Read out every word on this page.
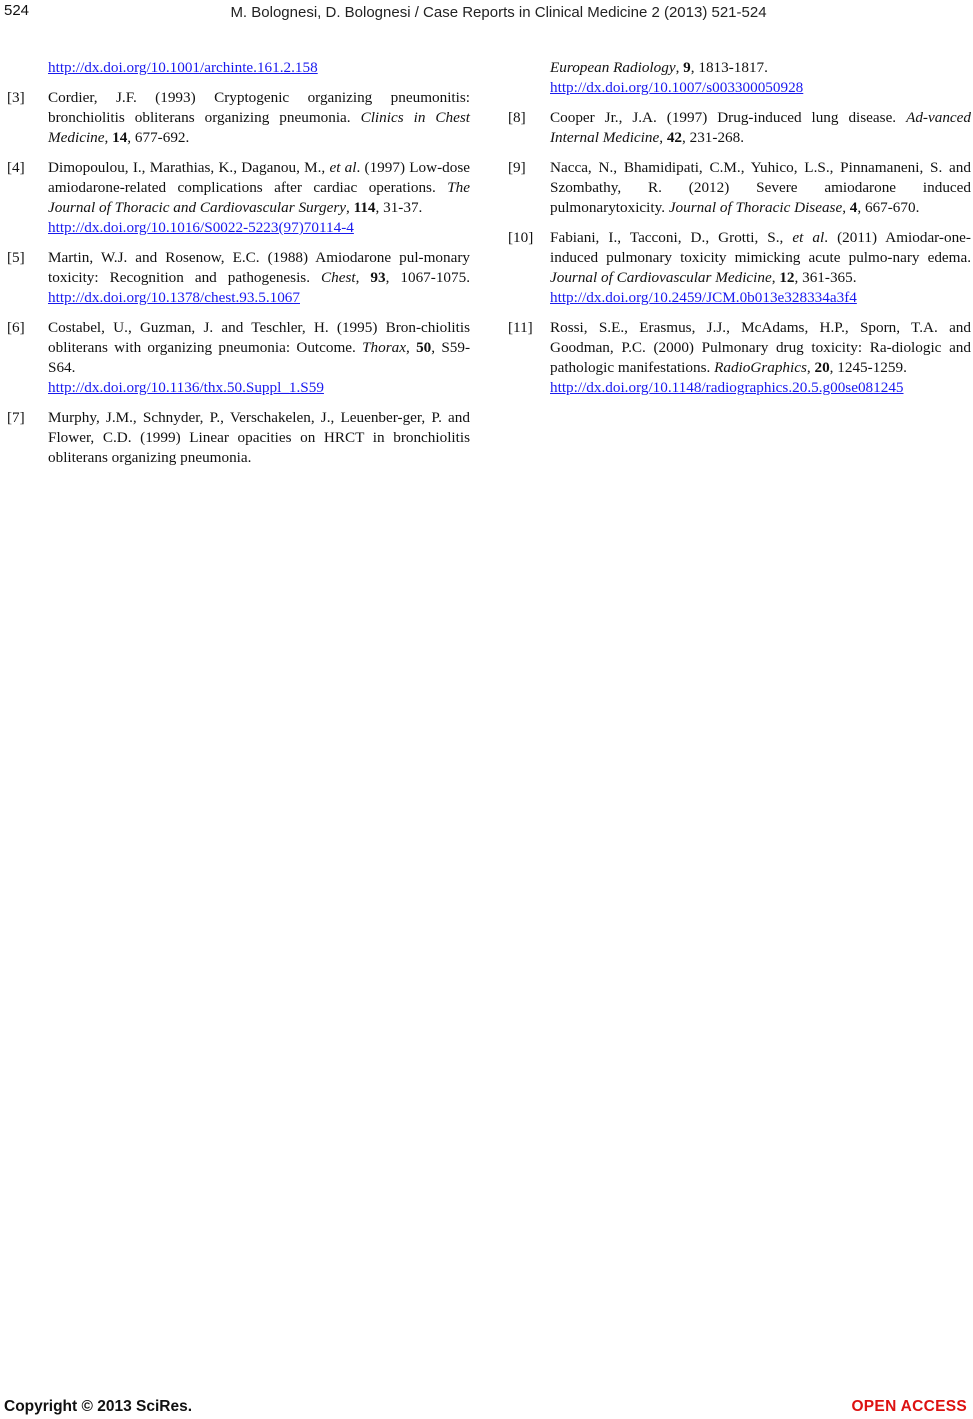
524	M. Bolognesi, D. Bolognesi / Case Reports in Clinical Medicine 2 (2013) 521-524
http://dx.doi.org/10.1001/archinte.161.2.158
[3] Cordier, J.F. (1993) Cryptogenic organizing pneumonitis: bronchiolitis obliterans organizing pneumonia. Clinics in Chest Medicine, 14, 677-692.
[4] Dimopoulou, I., Marathias, K., Daganou, M., et al. (1997) Low-dose amiodarone-related complications after cardiac operations. The Journal of Thoracic and Cardiovascular Surgery, 114, 31-37.
http://dx.doi.org/10.1016/S0022-5223(97)70114-4
[5] Martin, W.J. and Rosenow, E.C. (1988) Amiodarone pul-monary toxicity: Recognition and pathogenesis. Chest, 93, 1067-1075. http://dx.doi.org/10.1378/chest.93.5.1067
[6] Costabel, U., Guzman, J. and Teschler, H. (1995) Bron-chiolitis obliterans with organizing pneumonia: Outcome. Thorax, 50, S59-S64.
http://dx.doi.org/10.1136/thx.50.Suppl_1.S59
[7] Murphy, J.M., Schnyder, P., Verschakelen, J., Leuenber-ger, P. and Flower, C.D. (1999) Linear opacities on HRCT in bronchiolitis obliterans organizing pneumonia.
European Radiology, 9, 1813-1817.
http://dx.doi.org/10.1007/s003300050928
[8] Cooper Jr., J.A. (1997) Drug-induced lung disease. Ad-vanced Internal Medicine, 42, 231-268.
[9] Nacca, N., Bhamidipati, C.M., Yuhico, L.S., Pinnamaneni, S. and Szombathy, R. (2012) Severe amiodarone induced pulmonarytoxicity. Journal of Thoracic Disease, 4, 667-670.
[10] Fabiani, I., Tacconi, D., Grotti, S., et al. (2011) Amiodar-one-induced pulmonary toxicity mimicking acute pulmo-nary edema. Journal of Cardiovascular Medicine, 12, 361-365.
http://dx.doi.org/10.2459/JCM.0b013e328334a3f4
[11] Rossi, S.E., Erasmus, J.J., McAdams, H.P., Sporn, T.A. and Goodman, P.C. (2000) Pulmonary drug toxicity: Ra-diologic and pathologic manifestations. RadioGraphics, 20, 1245-1259.
http://dx.doi.org/10.1148/radiographics.20.5.g00se081245
Copyright © 2013 SciRes.	OPEN ACCESS
